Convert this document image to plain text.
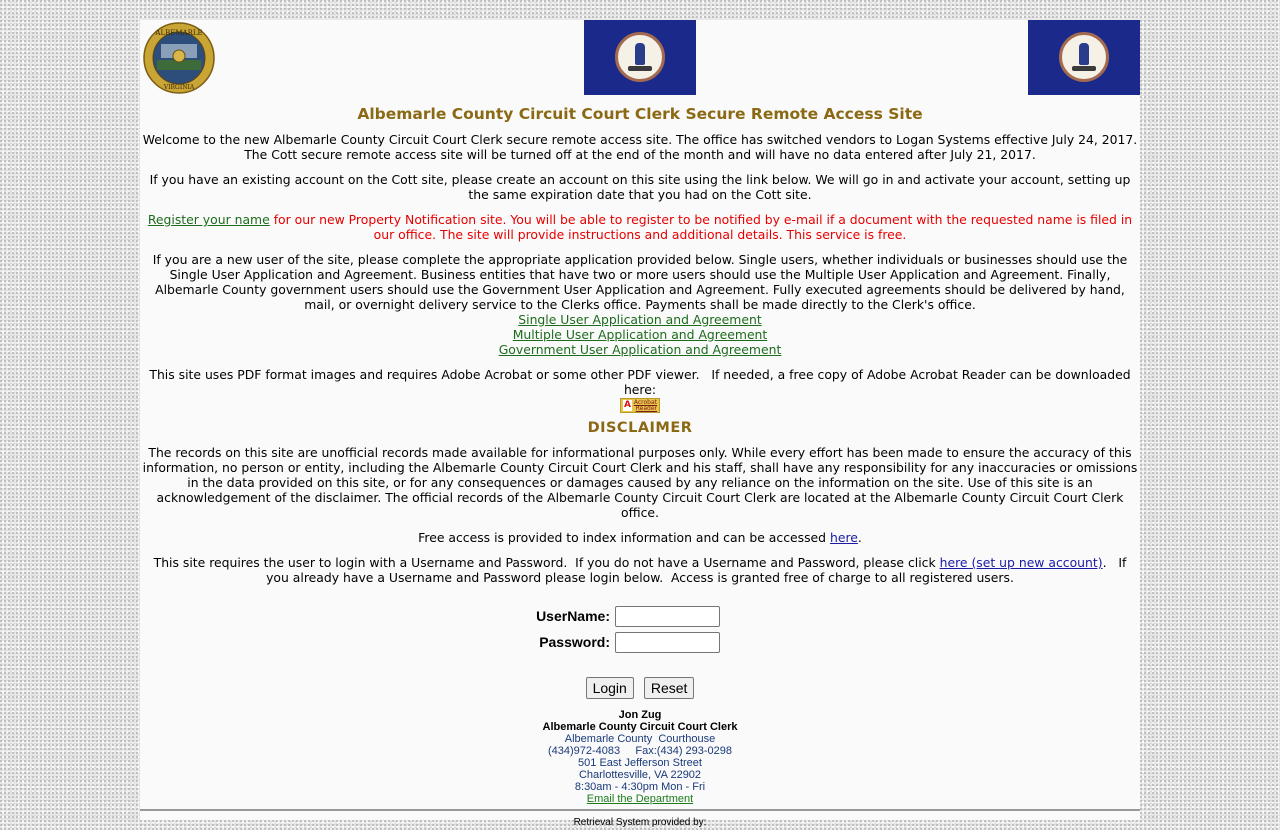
ALBEMARLE
VIRGINIA
Albemarle County Circuit Court Clerk Secure Remote Access Site

Welcome to the new Albemarle County Circuit Court Clerk secure remote access site. The office has switched vendors to Logan Systems effective July 24, 2017. The Cott secure remote access site will be turned off at the end of the month and will have no data entered after July 21, 2017.

If you have an existing account on the Cott site, please create an account on this site using the link below. We will go in and activate your account, setting up the same expiration date that you had on the Cott site.

Register your name for our new Property Notification site. You will be able to register to be notified by e-mail if a document with the requested name is filed in our office. The site will provide instructions and additional details. This service is free.

If you are a new user of the site, please complete the appropriate application provided below. Single users, whether individuals or businesses should use the Single User Application and Agreement. Business entities that have two or more users should use the Multiple User Application and Agreement. Finally, Albemarle County government users should use the Government User Application and Agreement. Fully executed agreements should be delivered by hand, mail, or overnight delivery service to the Clerks office. Payments shall be made directly to the Clerk's office.

Single User Application and Agreement
Multiple User Application and Agreement
Government User Application and Agreement

This site uses PDF format images and requires Adobe Acrobat or some other PDF viewer.   If needed, a free copy of Adobe Acrobat Reader can be downloaded here:

A Acrobat Reader
DISCLAIMER

The records on this site are unofficial records made available for informational purposes only. While every effort has been made to ensure the accuracy of this information, no person or entity, including the Albemarle County Circuit Court Clerk and his staff, shall have any responsibility for any inaccuracies or omissions in the data provided on this site, or for any consequences or damages caused by any reliance on the information on the site. Use of this site is an acknowledgement of the disclaimer. The official records of the Albemarle County Circuit Court Clerk are located at the Albemarle County Circuit Court Clerk office.

Free access is provided to index information and can be accessed here.

This site requires the user to login with a Username and Password.  If you do not have a Username and Password, please click here (set up new account).   If you already have a Username and Password please login below.  Access is granted free of charge to all registered users.

UserName:
Password:
Login	Reset
Jon Zug
Albemarle County Circuit Court Clerk
Albemarle County  Courthouse
(434)972-4083     Fax:(434) 293-0298
501 East Jefferson Street
Charlottesville, VA 22902
8:30am - 4:30pm Mon - Fri
Email the Department
Retrieval System provided by:
